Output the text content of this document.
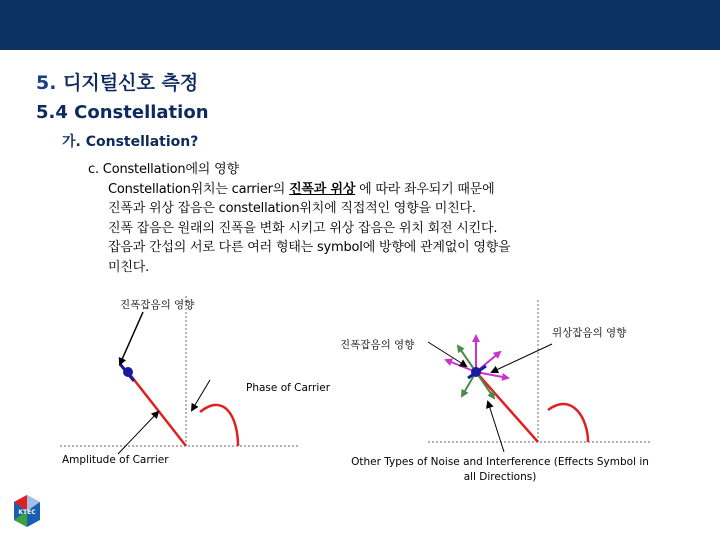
5. 디지털신호 측정
5.4 Constellation
가. Constellation?
c. Constellation에의 영향
Constellation위치는 carrier의 진폭과 위상 에 따라 좌우되기 때문에
진폭과 위상 잡음은 constellation위치에 직접적인 영향을 미친다.
진폭 잡음은 원래의 진폭을 변화 시키고 위상 잡음은 위치 회전 시킨다.
잡음과 간섭의 서로 다른 여러 형태는 symbol에 방향에 관계없이 영향을
미친다.
진폭잡음의 영향
진폭잡음의 영향
위상잡음의 영향
Phase of Carrier
Amplitude of Carrier	Other Types of Noise and Interference (Effects Symbol in
all Directions)
KTEC
